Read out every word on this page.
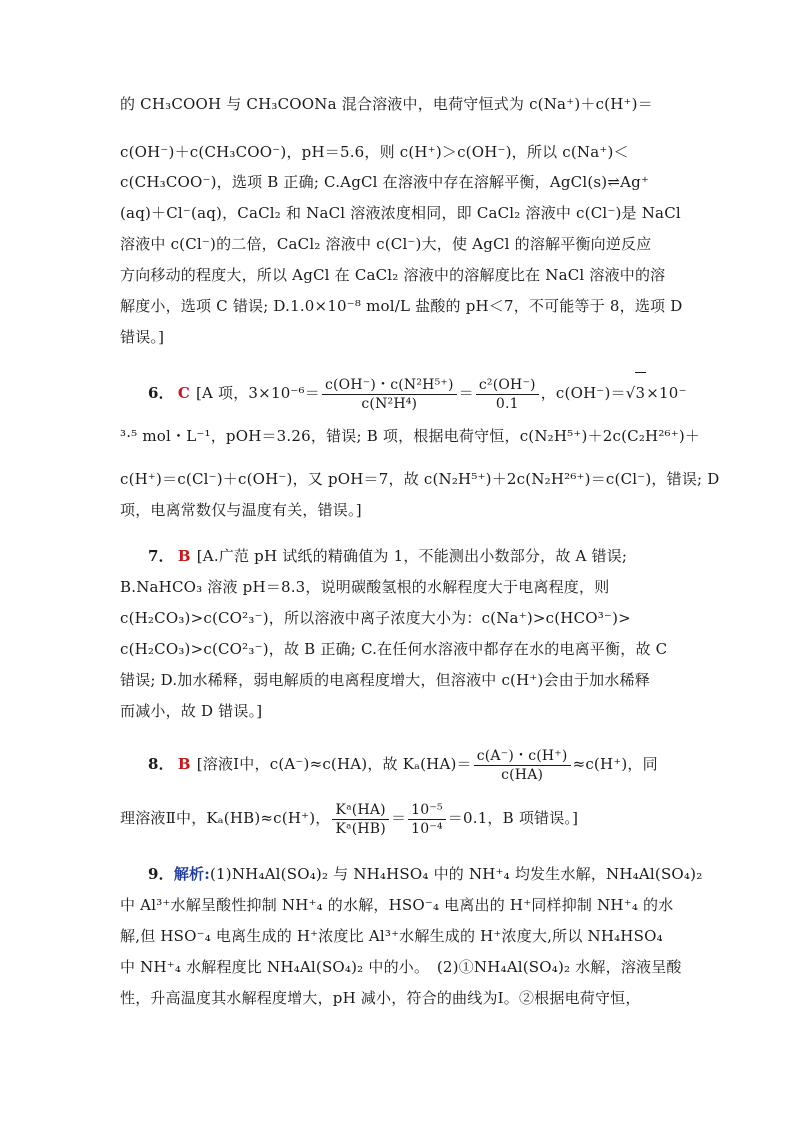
的 CH₃COOH 与 CH₃COONa 混合溶液中，电荷守恒式为 c(Na⁺)＋c(H⁺)＝
c(OH⁻)＋c(CH₃COO⁻)，pH＝5.6，则 c(H⁺)＞c(OH⁻)，所以 c(Na⁺)＜
c(CH₃COO⁻)，选项 B 正确; C.AgCl 在溶液中存在溶解平衡，AgCl(s)⇌Ag⁺
(aq)＋Cl⁻(aq)，CaCl₂ 和 NaCl 溶液浓度相同，即 CaCl₂ 溶液中 c(Cl⁻)是 NaCl
溶液中 c(Cl⁻)的二倍，CaCl₂ 溶液中 c(Cl⁻)大，使 AgCl 的溶解平衡向逆反应
方向移动的程度大，所以 AgCl 在 CaCl₂ 溶液中的溶解度比在 NaCl 溶液中的溶
解度小，选项 C 错误; D.1.0×10⁻⁸ mol/L 盐酸的 pH＜7，不可能等于 8，选项 D
错误。]
6． C [A 项，$3\times 10^{-6}= \frac{\text{c(OH⁻)・c(N²H⁵⁺)}}{\text{c(N²H⁴)}} = \frac{\text{c²(OH⁻)}}{0.1}$ ，c(OH⁻)＝√3×10⁻
³·⁵ mol・L⁻¹，pOH＝3.26，错误; B 项，根据电荷守恒，c(N₂H⁵⁺)＋2c(C₂H²⁶⁺)＋
c(H⁺)＝c(Cl⁻)＋c(OH⁻)，又 pOH＝7，故 c(N₂H⁵⁺)＋2c(N₂H²⁶⁺)＝c(Cl⁻)，错误; D
项，电离常数仅与温度有关，错误。]
7． B [A.广范 pH 试纸的精确值为 1，不能测出小数部分，故 A 错误;
B.NaHCO₃ 溶液 pH＝8.3，说明碳酸氢根的水解程度大于电离程度，则
c(H₂CO₃)>c(CO²₃⁻)，所以溶液中离子浓度大小为：c(Na⁺)>c(HCO³⁻)>
c(H₂CO₃)>c(CO²₃⁻)，故 B 正确; C.在任何水溶液中都存在水的电离平衡，故 C
错误; D.加水稀释，弱电解质的电离程度增大，但溶液中 c(H⁺)会由于加水稀释
而减小，故 D 错误。]
8． B [溶液Ⅰ中，c(A⁻)≈c(HA)，故 $K_a(HA)= \frac{c(A^-)・c(H^+)}{c(HA)} \approx c(H^+)$，同
理溶液Ⅱ中，Kₐ(HB)≈c(H⁺)， $\frac{\text{Kᵃ(HA)}}{\text{Kᵃ(HB)}} = \frac{\text{10⁻⁵}}{\text{10⁻⁴}} =0.1$，B 项错误。]
9．解析:(1)NH₄Al(SO₄)₂ 与 NH₄HSO₄ 中的 NH⁺₄ 均发生水解，NH₄Al(SO₄)₂
中 Al³⁺水解呈酸性抑制 NH⁺₄ 的水解，HSO⁻₄ 电离出的 H⁺同样抑制 NH⁺₄ 的水
解,但 HSO⁻₄ 电离生成的 H⁺浓度比 Al³⁺水解生成的 H⁺浓度大,所以 NH₄HSO₄
中 NH⁺₄ 水解程度比 NH₄Al(SO₄)₂ 中的小。　(2)①NH₄Al(SO₄)₂ 水解，溶液呈酸
性，升高温度其水解程度增大，pH 减小，符合的曲线为Ⅰ。②根据电荷守恒，
